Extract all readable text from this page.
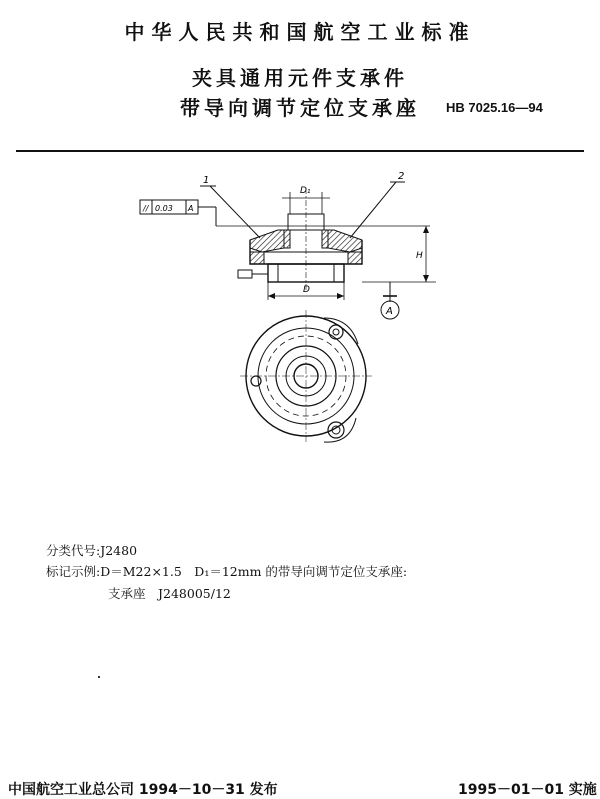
中华人民共和国航空工业标准
夹具通用元件支承件
带导向调节定位支承座	HB 7025.16—94
1	2
// 0.03 A
D₁
H
D
A
分类代号:J2480
标记示例:D＝M22×1.5　D₁＝12mm 的带导向调节定位支承座:
支承座　J248005/12
中国航空工业总公司 1994－10－31 发布	1995－01－01 实施
